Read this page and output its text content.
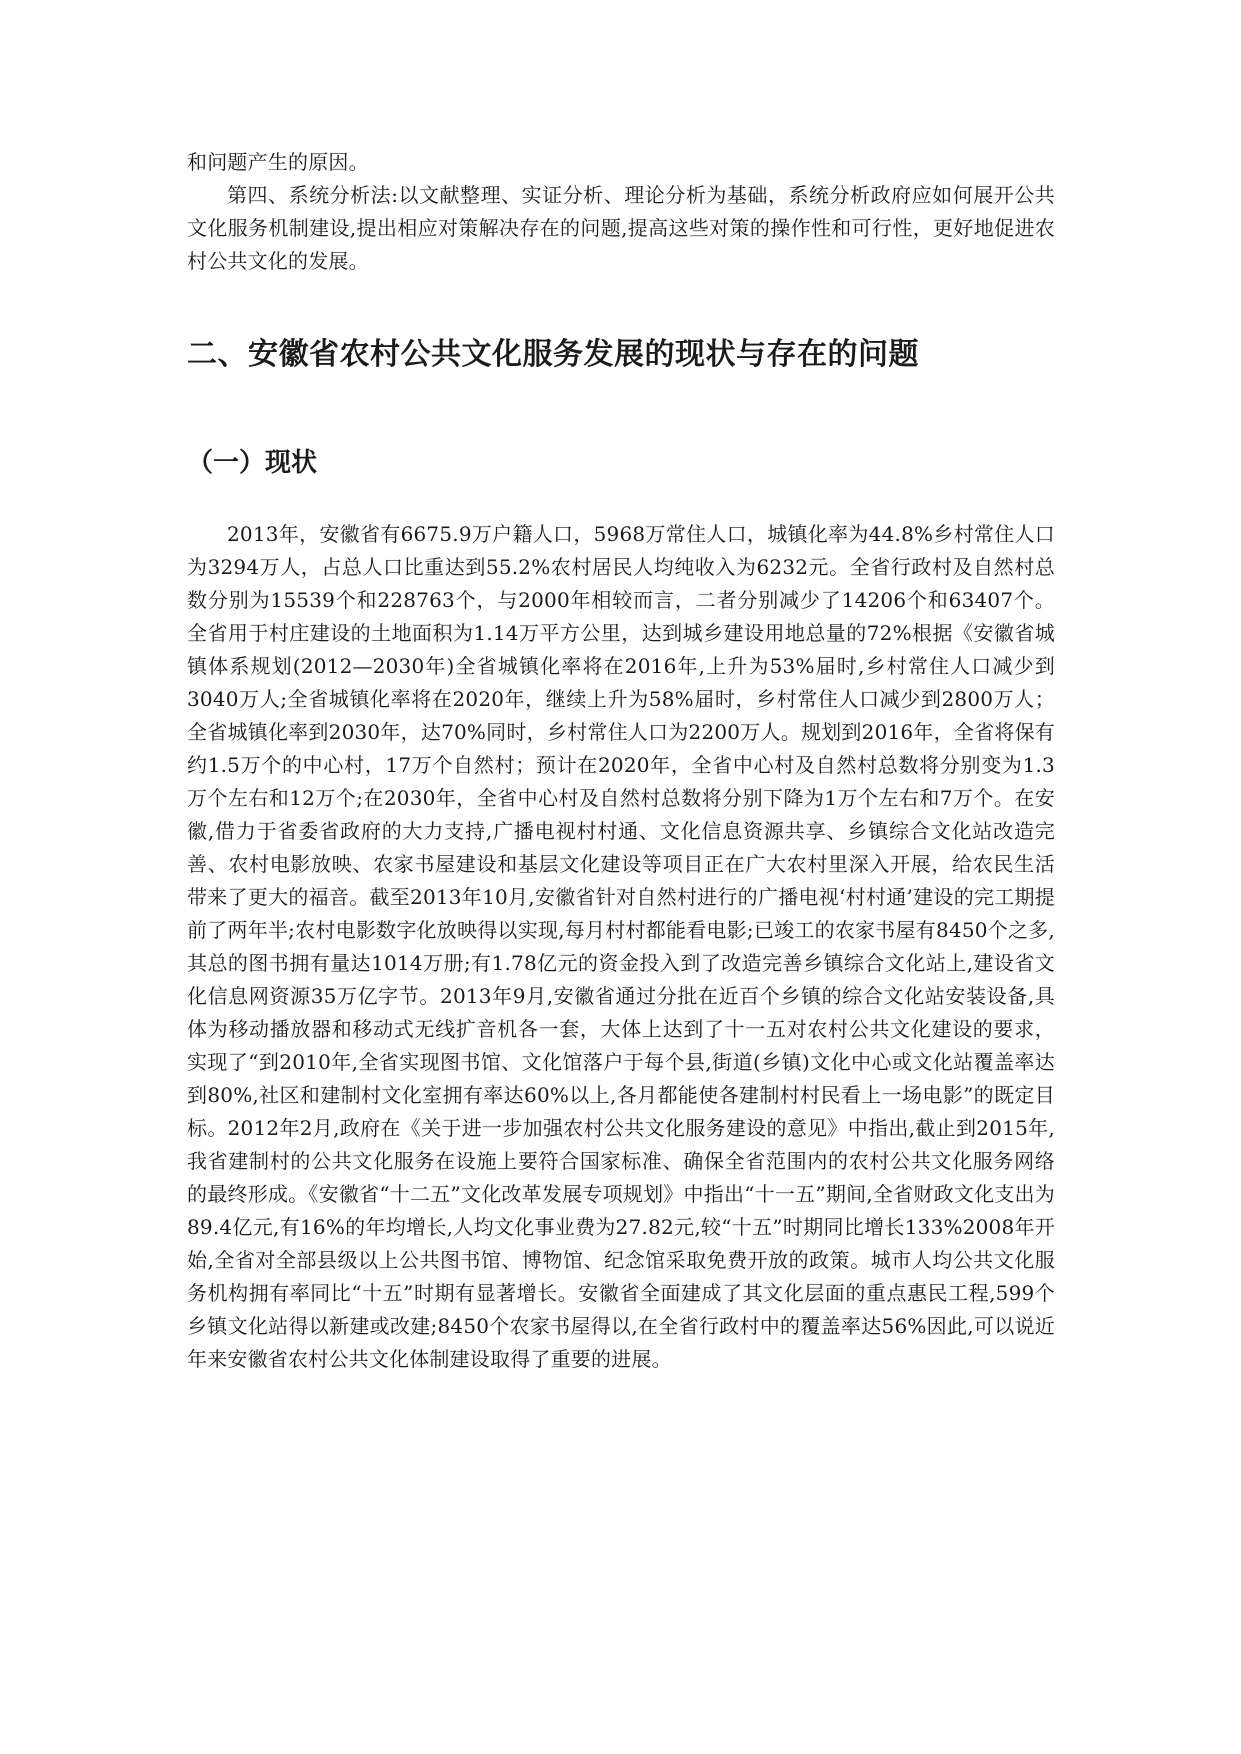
和问题产生的原因。

第四、系统分析法:以文献整理、实证分析、理论分析为基础，系统分析政府应如何展开公共文化服务机制建设,提出相应对策解决存在的问题,提高这些对策的操作性和可行性，更好地促进农村公共文化的发展。

二、安徽省农村公共文化服务发展的现状与存在的问题
（一）现状

2013年，安徽省有6675.9万户籍人口，5968万常住人口，城镇化率为44.8%乡村常住人口为3294万人，占总人口比重达到55.2%农村居民人均纯收入为6232元。全省行政村及自然村总数分别为15539个和228763个，与2000年相较而言，二者分别减少了14206个和63407个。全省用于村庄建设的土地面积为1.14万平方公里，达到城乡建设用地总量的72%根据《安徽省城镇体系规划(2012—2030年)全省城镇化率将在2016年,上升为53%届时,乡村常住人口减少到3040万人;全省城镇化率将在2020年，继续上升为58%届时，乡村常住人口减少到2800万人；全省城镇化率到2030年，达70%同时，乡村常住人口为2200万人。规划到2016年，全省将保有约1.5万个的中心村，17万个自然村；预计在2020年，全省中心村及自然村总数将分别变为1.3万个左右和12万个;在2030年，全省中心村及自然村总数将分别下降为1万个左右和7万个。在安徽,借力于省委省政府的大力支持,广播电视村村通、文化信息资源共享、乡镇综合文化站改造完善、农村电影放映、农家书屋建设和基层文化建设等项目正在广大农村里深入开展，给农民生活带来了更大的福音。截至2013年10月,安徽省针对自然村进行的广播电视‘村村通’建设的完工期提前了两年半;农村电影数字化放映得以实现,每月村村都能看电影;已竣工的农家书屋有8450个之多,其总的图书拥有量达1014万册;有1.78亿元的资金投入到了改造完善乡镇综合文化站上,建设省文化信息网资源35万亿字节。2013年9月,安徽省通过分批在近百个乡镇的综合文化站安装设备,具体为移动播放器和移动式无线扩音机各一套，大体上达到了十一五对农村公共文化建设的要求，实现了“到2010年,全省实现图书馆、文化馆落户于每个县,街道(乡镇)文化中心或文化站覆盖率达到80%,社区和建制村文化室拥有率达60%以上,各月都能使各建制村村民看上一场电影”的既定目标。2012年2月,政府在《关于进一步加强农村公共文化服务建设的意见》中指出,截止到2015年,我省建制村的公共文化服务在设施上要符合国家标准、确保全省范围内的农村公共文化服务网络的最终形成。《安徽省“十二五”文化改革发展专项规划》中指出“十一五”期间,全省财政文化支出为89.4亿元,有16%的年均增长,人均文化事业费为27.82元,较“十五”时期同比增长133%2008年开始,全省对全部县级以上公共图书馆、博物馆、纪念馆采取免费开放的政策。城市人均公共文化服务机构拥有率同比“十五”时期有显著增长。安徽省全面建成了其文化层面的重点惠民工程,599个乡镇文化站得以新建或改建;8450个农家书屋得以,在全省行政村中的覆盖率达56%因此,可以说近年来安徽省农村公共文化体制建设取得了重要的进展。
